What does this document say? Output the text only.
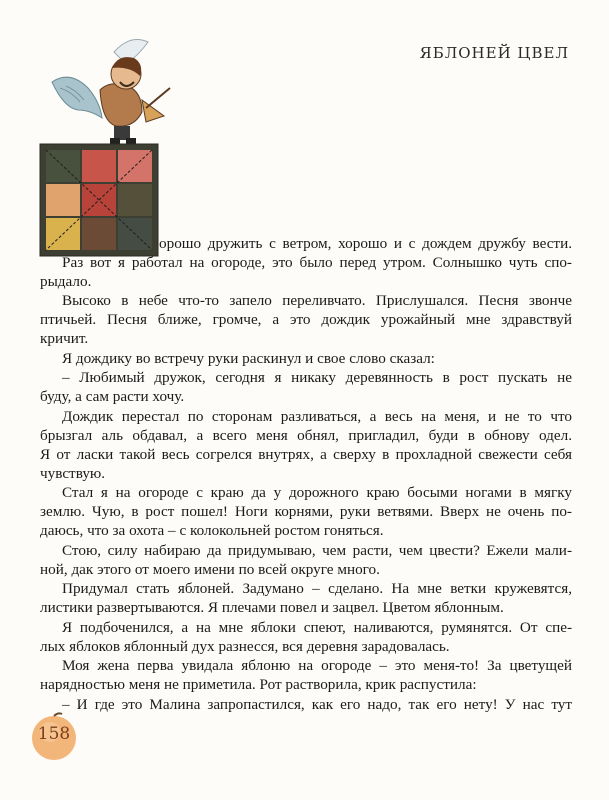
ЯБЛОНЕЙ ЦВЕЛ
орошо дружить с ветром, хорошо и с дождем дружбу вести.
Раз вот я работал на огороде, это было перед утром. Солнышко чуть спо-
рыдало.
Высоко в небе что-то запело переливчато. Прислушался. Песня звонче
птичьей. Песня ближе, громче, а это дождик урожайный мне здравствуй
кричит.
Я дождику во встречу руки раскинул и свое слово сказал:
– Любимый дружок, сегодня я никаку деревянность в рост пускать не
буду, а сам расти хочу.
Дождик перестал по сторонам разливаться, а весь на меня, и не то что
брызгал аль обдавал, а всего меня обнял, пригладил, буди в обнову одел.
Я от ласки такой весь согрелся внутрях, а сверху в прохладной свежести себя
чувствую.
Стал я на огороде с краю да у дорожного краю босыми ногами в мягку
землю. Чую, в рост пошел! Ноги корнями, руки ветвями. Вверх не очень по-
даюсь, что за охота – с колокольней ростом гоняться.
Стою, силу набираю да придумываю, чем расти, чем цвести? Ежели мали-
ной, дак этого от моего имени по всей округе много.
Придумал стать яблоней. Задумано – сделано. На мне ветки кружевятся,
листики развертываются. Я плечами повел и зацвел. Цветом яблонным.
Я подбоченился, а на мне яблоки спеют, наливаются, румянятся. От спе-
лых яблоков яблонный дух разнесся, вся деревня зарадовалась.
Моя жена перва увидала яблоню на огороде – это меня-то! За цветущей
нарядностью меня не приметила. Рот растворила, крик распустила:
– И где это Малина запропастился, как его надо, так его нету! У нас тут
158
